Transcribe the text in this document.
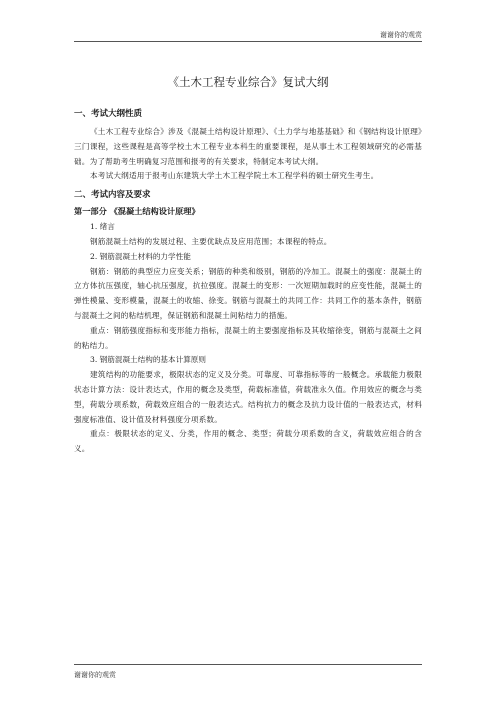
谢谢你的观赏
《土木工程专业综合》复试大纲
一、考试大纲性质

《土木工程专业综合》涉及《混凝土结构设计原理》、《土力学与地基基础》和《钢结构设计原理》三门课程，这些课程是高等学校土木工程专业本科生的重要课程，是从事土木工程领域研究的必需基础。为了帮助考生明确复习范围和报考的有关要求，特制定本考试大纲。

本考试大纲适用于报考山东建筑大学土木工程学院土木工程学科的硕士研究生考生。

二、考试内容及要求
第一部分 《混凝土结构设计原理》
1. 绪言

钢筋混凝土结构的发展过程、主要优缺点及应用范围；本课程的特点。

2. 钢筋混凝土材料的力学性能

钢筋：钢筋的典型应力应变关系；钢筋的种类和级别，钢筋的冷加工。混凝土的强度：混凝土的立方体抗压强度，轴心抗压强度，抗拉强度。混凝土的变形：一次短期加载时的应变性能，混凝土的弹性模量、变形模量，混凝土的收缩、徐变。钢筋与混凝土的共同工作：共同工作的基本条件，钢筋与混凝土之间的粘结机理，保证钢筋和混凝土间粘结力的措施。

重点：钢筋强度指标和变形能力指标，混凝土的主要强度指标及其收缩徐变，钢筋与混凝土之间的粘结力。

3. 钢筋混凝土结构的基本计算原则

建筑结构的功能要求，极限状态的定义及分类。可靠度、可靠指标等的一般概念。承载能力极限状态计算方法：设计表达式，作用的概念及类型，荷载标准值，荷载准永久值。作用效应的概念与类型，荷载分项系数，荷载效应组合的一般表达式。结构抗力的概念及抗力设计值的一般表达式，材料强度标准值、设计值及材料强度分项系数。

重点：极限状态的定义、分类，作用的概念、类型；荷载分项系数的含义，荷载效应组合的含义。

谢谢你的观赏
